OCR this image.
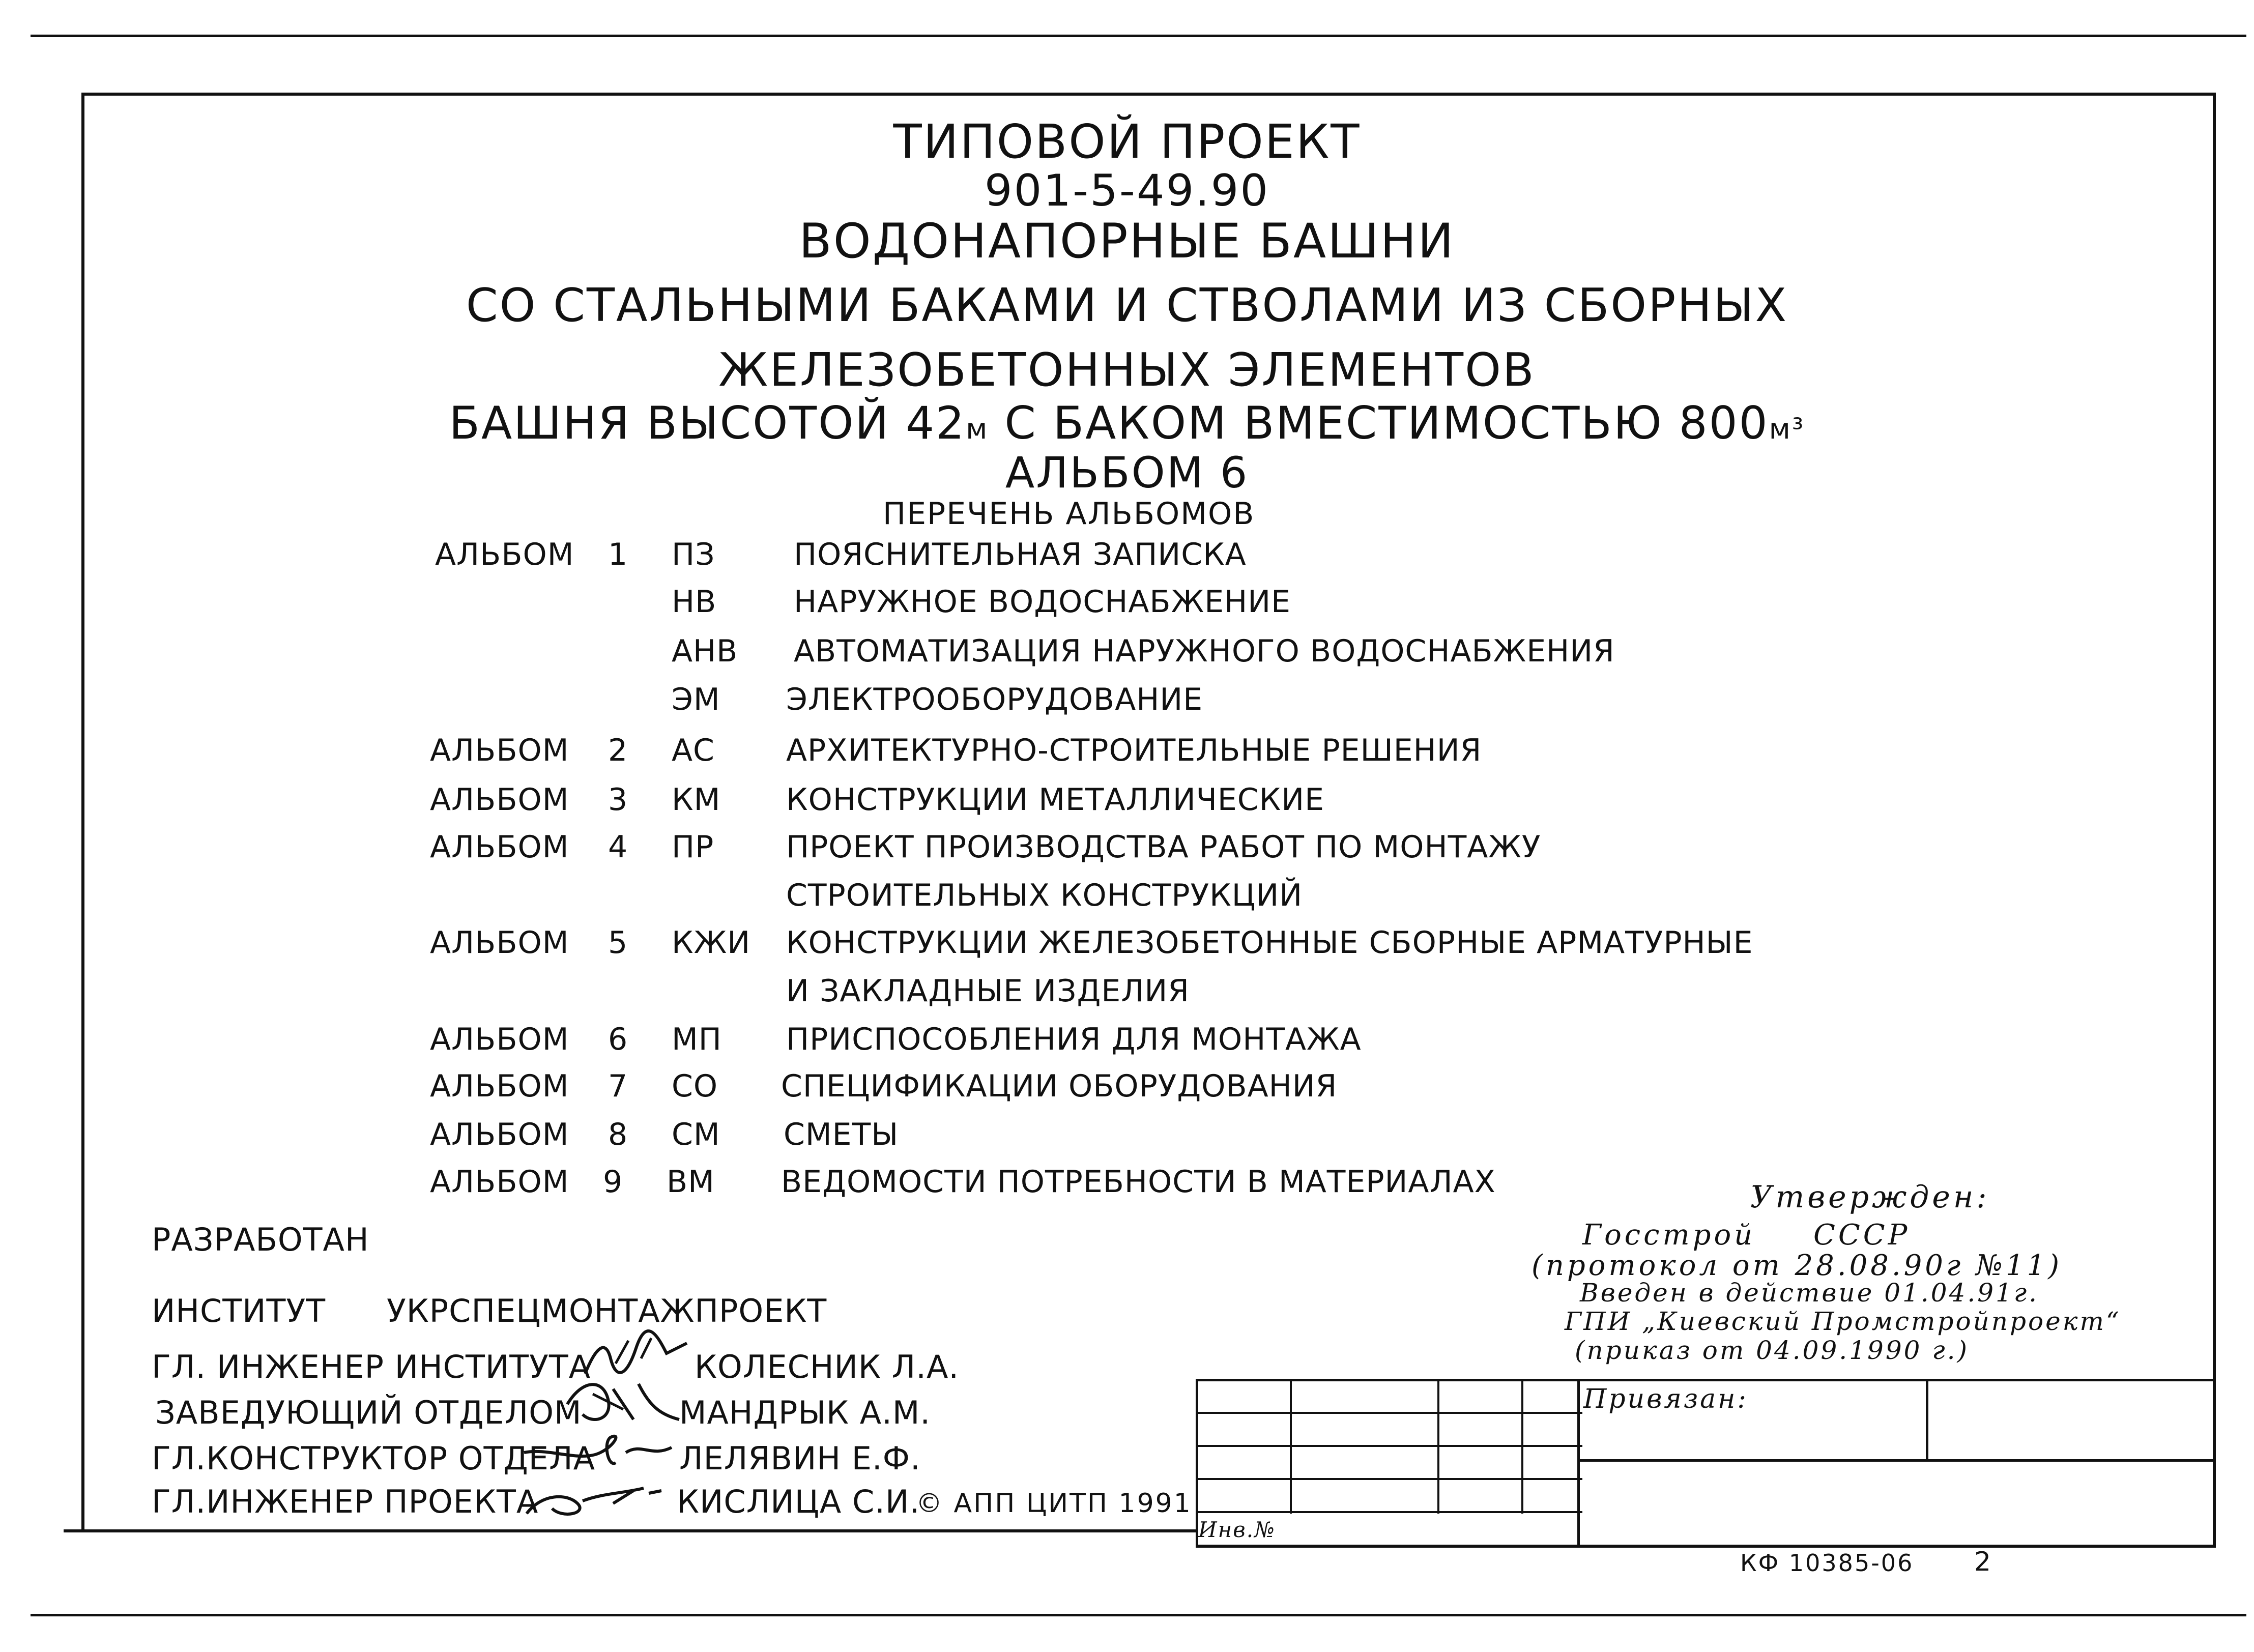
ТИПОВОЙ ПРОЕКТ
901-5-49.90
ВОДОНАПОРНЫЕ БАШНИ
СО СТАЛЬНЫМИ БАКАМИ И СТВОЛАМИ ИЗ СБОРНЫХ
ЖЕЛЕЗОБЕТОННЫХ ЭЛЕМЕНТОВ
БАШНЯ ВЫСОТОЙ 42м С БАКОМ ВМЕСТИМОСТЬЮ 800м³
АЛЬБОМ 6
ПЕРЕЧЕНЬ АЛЬБОМОВ
АЛЬБОМ 1 ПЗ	ПОЯСНИТЕЛЬНАЯ ЗАПИСКА
НВ	НАРУЖНОЕ ВОДОСНАБЖЕНИЕ
АНВ АВТОМАТИЗАЦИЯ НАРУЖНОГО ВОДОСНАБЖЕНИЯ
ЭМ ЭЛЕКТРООБОРУДОВАНИЕ
АЛЬБОМ 2 АС АРХИТЕКТУРНО-СТРОИТЕЛЬНЫЕ РЕШЕНИЯ
АЛЬБОМ 3 КМ КОНСТРУКЦИИ МЕТАЛЛИЧЕСКИЕ
АЛЬБОМ 4 ПР ПРОЕКТ ПРОИЗВОДСТВА РАБОТ ПО МОНТАЖУ
СТРОИТЕЛЬНЫХ КОНСТРУКЦИЙ
АЛЬБОМ 5 КЖИ КОНСТРУКЦИИ ЖЕЛЕЗОБЕТОННЫЕ СБОРНЫЕ АРМАТУРНЫЕ
И ЗАКЛАДНЫЕ ИЗДЕЛИЯ
АЛЬБОМ 6 МП ПРИСПОСОБЛЕНИЯ ДЛЯ МОНТАЖА
АЛЬБОМ 7 СО СПЕЦИФИКАЦИИ ОБОРУДОВАНИЯ
АЛЬБОМ 8 СМ СМЕТЫ
АЛЬБОМ 9 ВМ ВЕДОМОСТИ ПОТРЕБНОСТИ В МАТЕРИАЛАХ
РАЗРАБОТАН
ИНСТИТУТ УКРСПЕЦМОНТАЖПРОЕКТ
ГЛ. ИНЖЕНЕР ИНСТИТУТА	КОЛЕСНИК Л.А.
ЗАВЕДУЮЩИЙ ОТДЕЛОМ	МАНДРЫК А.М.
ГЛ.КОНСТРУКТОР ОТДЕЛА	ЛЕЛЯВИН Е.Ф.
ГЛ.ИНЖЕНЕР ПРОЕКТА	КИСЛИЦА С.И.
© АПП ЦИТП 1991
Утвержден:
Госстрой СССР
(протокол от 28.08.90г №11)
Введен в действие 01.04.91г.
ГПИ „Киевский Промстройпроект“
(приказ от 04.09.1990 г.)
Привязан:
Инв.№
КФ 10385-06 2
